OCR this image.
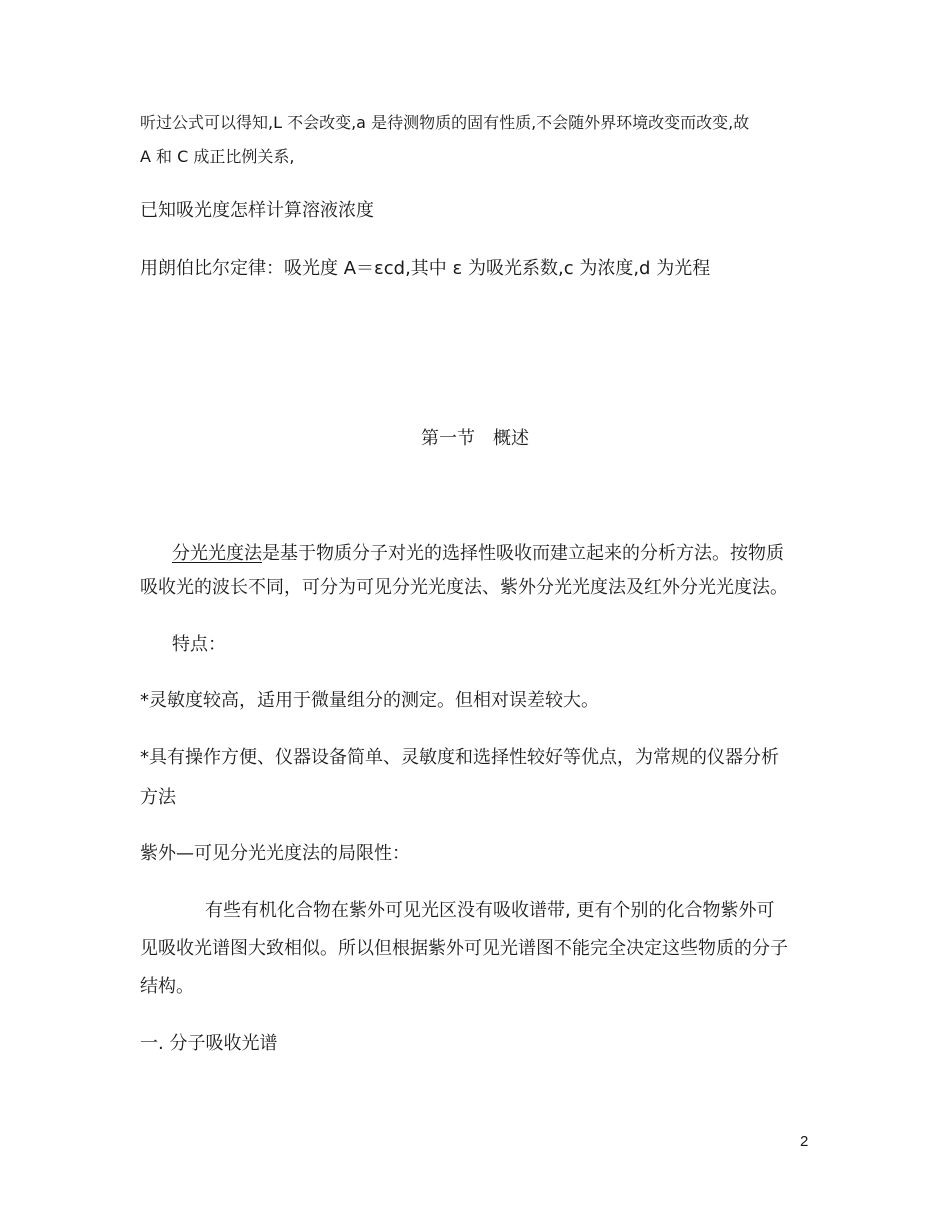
听过公式可以得知,L 不会改变,a 是待测物质的固有性质,不会随外界环境改变而改变,故
A 和 C 成正比例关系,
已知吸光度怎样计算溶液浓度
用朗伯比尔定律：吸光度 A＝εcd,其中 ε 为吸光系数,c 为浓度,d 为光程
第一节　概述
分光光度法是基于物质分子对光的选择性吸收而建立起来的分析方法。按物质
吸收光的波长不同，可分为可见分光光度法、紫外分光光度法及红外分光光度法。
特点：
*灵敏度较高，适用于微量组分的测定。但相对误差较大。
*具有操作方便、仪器设备简单、灵敏度和选择性较好等优点，为常规的仪器分析
方法
紫外—可见分光光度法的局限性：
有些有机化合物在紫外可见光区没有吸收谱带, 更有个别的化合物紫外可
见吸收光谱图大致相似。所以但根据紫外可见光谱图不能完全决定这些物质的分子
结构。
一. 分子吸收光谱
2
